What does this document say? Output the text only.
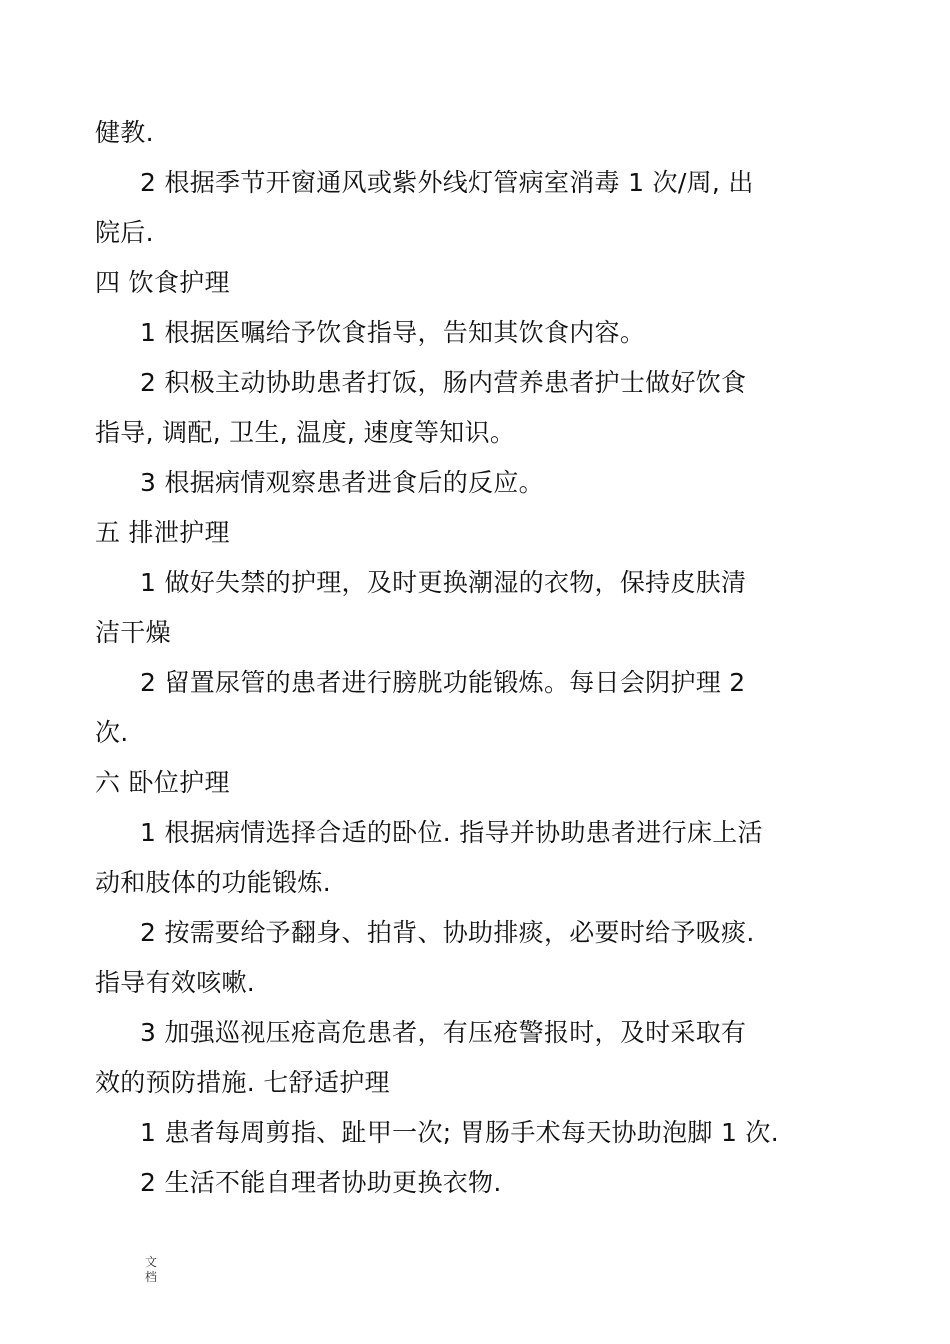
健教.
2 根据季节开窗通风或紫外线灯管病室消毒 1 次/周, 出
院后.
四 饮食护理
1 根据医嘱给予饮食指导，告知其饮食内容。
2 积极主动协助患者打饭，肠内营养患者护士做好饮食
指导, 调配, 卫生, 温度, 速度等知识。
3 根据病情观察患者进食后的反应。
五 排泄护理
1 做好失禁的护理，及时更换潮湿的衣物，保持皮肤清
洁干燥
2 留置尿管的患者进行膀胱功能锻炼。每日会阴护理 2
次.
六 卧位护理
1 根据病情选择合适的卧位. 指导并协助患者进行床上活
动和肢体的功能锻炼.
2 按需要给予翻身、拍背、协助排痰，必要时给予吸痰.
指导有效咳嗽.
3 加强巡视压疮高危患者，有压疮警报时，及时采取有
效的预防措施. 七舒适护理
1 患者每周剪指、趾甲一次; 胃肠手术每天协助泡脚 1 次.
2 生活不能自理者协助更换衣物.
文档
